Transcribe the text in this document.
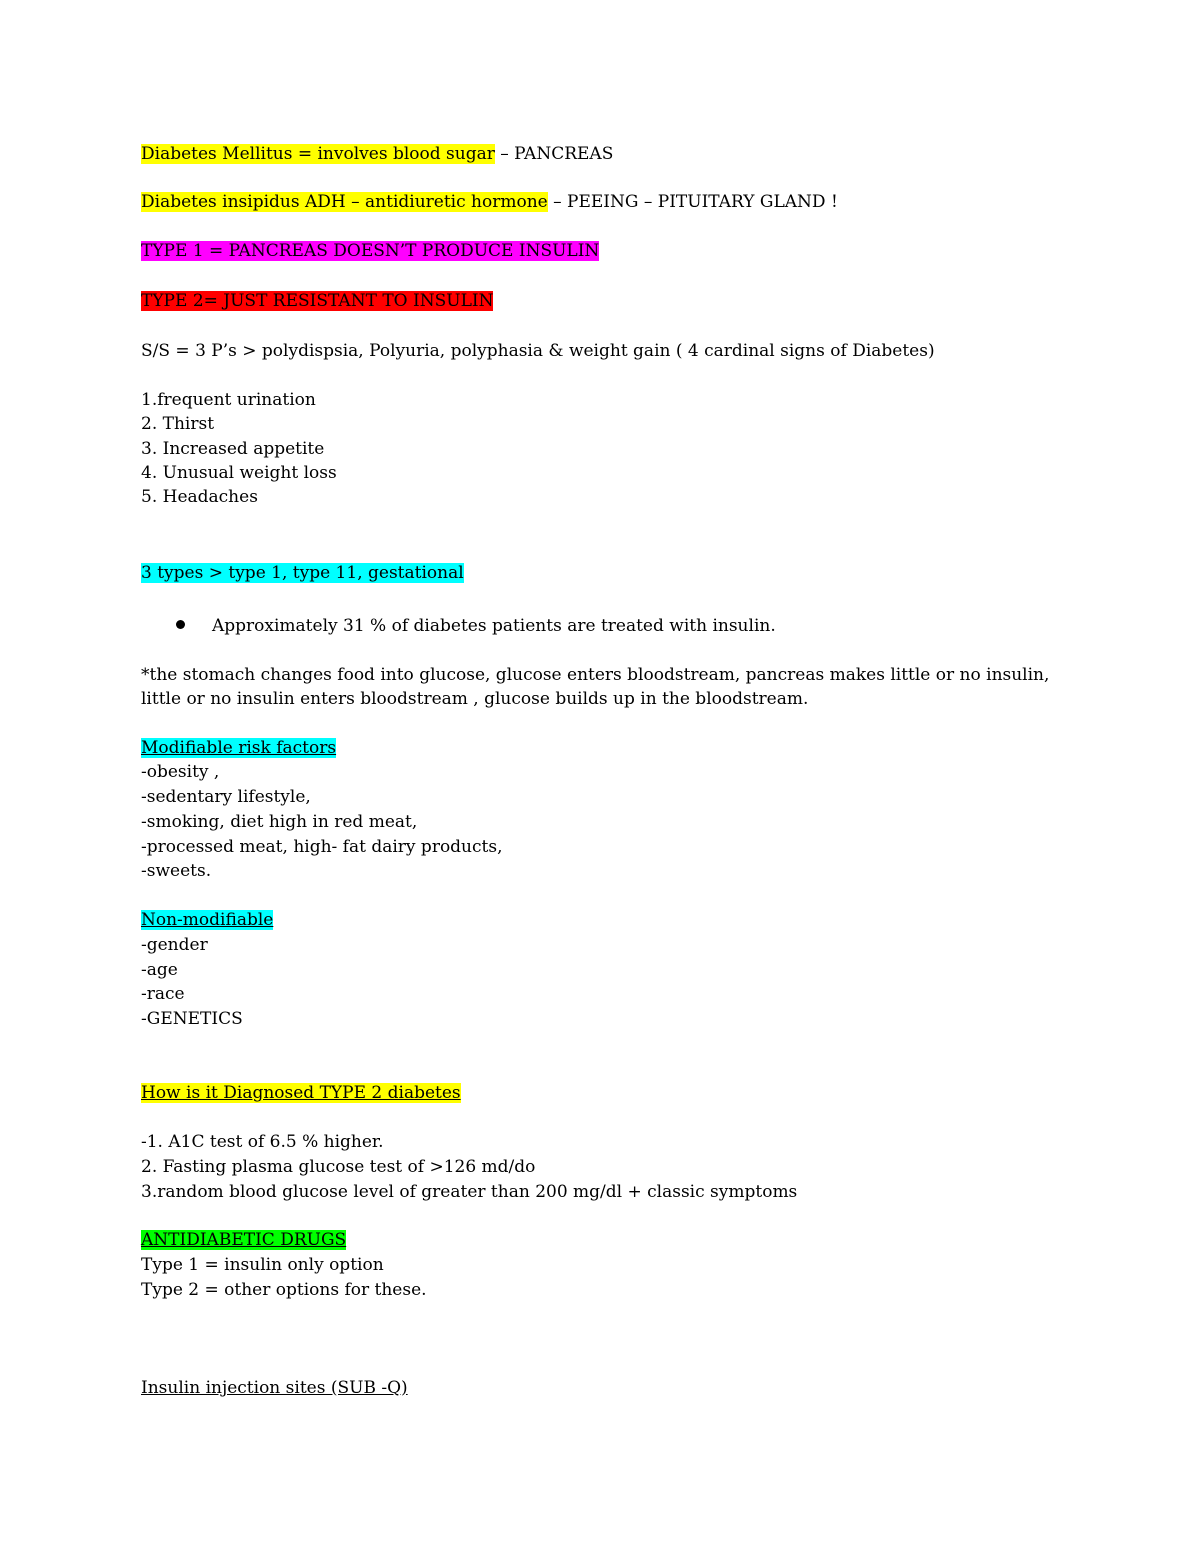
Diabetes Mellitus = involves blood sugar – PANCREAS
Diabetes insipidus ADH – antidiuretic hormone – PEEING – PITUITARY GLAND !
TYPE 1 = PANCREAS DOESN’T PRODUCE INSULIN
TYPE 2= JUST RESISTANT TO INSULIN
S/S = 3 P’s > polydispsia, Polyuria, polyphasia & weight gain ( 4 cardinal signs of Diabetes)
1.frequent urination
2. Thirst
3. Increased appetite
4. Unusual weight loss
5. Headaches
3 types > type 1, type 11, gestational
Approximately 31 % of diabetes patients are treated with insulin.
*the stomach changes food into glucose, glucose enters bloodstream, pancreas makes little or no insulin,
little or no insulin enters bloodstream , glucose builds up in the bloodstream.
Modifiable risk factors
-obesity ,
-sedentary lifestyle,
-smoking, diet high in red meat,
-processed meat, high- fat dairy products,
-sweets.
Non-modifiable
-gender
-age
-race
-GENETICS
How is it Diagnosed TYPE 2 diabetes
-1. A1C test of 6.5 % higher.
2. Fasting plasma glucose test of >126 md/do
3.random blood glucose level of greater than 200 mg/dl + classic symptoms
ANTIDIABETIC DRUGS
Type 1 = insulin only option
Type 2 = other options for these.
Insulin injection sites (SUB -Q)
